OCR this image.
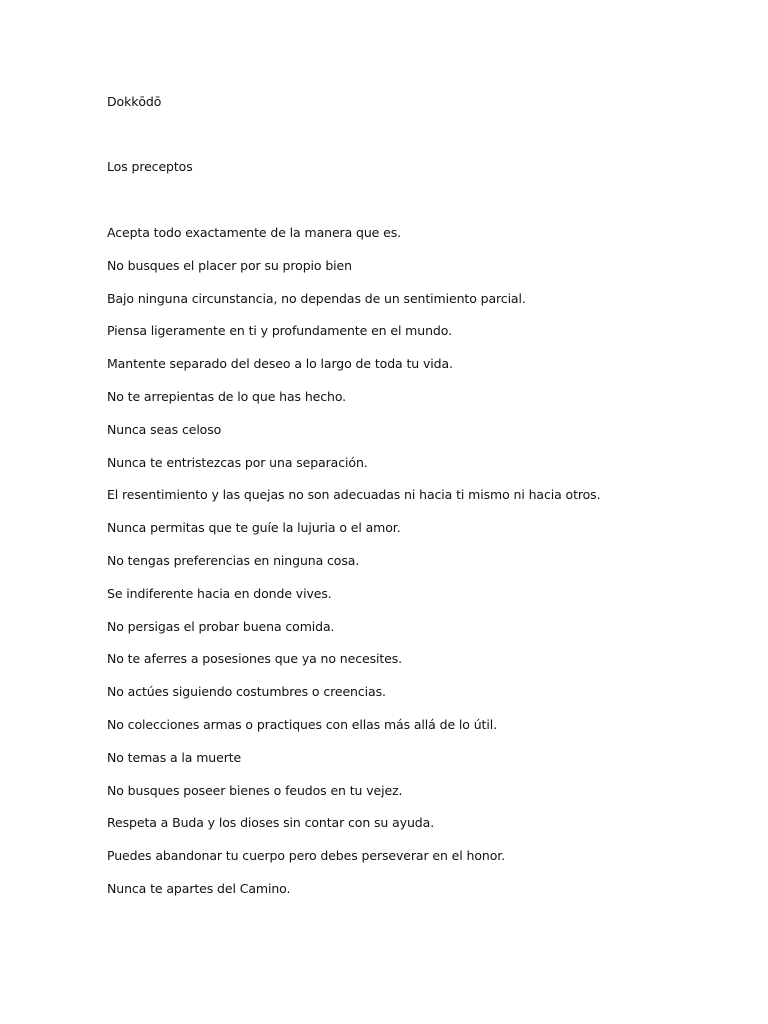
Dokkōdō
Los preceptos
Acepta todo exactamente de la manera que es.
No busques el placer por su propio bien
Bajo ninguna circunstancia, no dependas de un sentimiento parcial.
Piensa ligeramente en ti y profundamente en el mundo.
Mantente separado del deseo a lo largo de toda tu vida.
No te arrepientas de lo que has hecho.
Nunca seas celoso
Nunca te entristezcas por una separación.
El resentimiento y las quejas no son adecuadas ni hacia ti mismo ni hacia otros.
Nunca permitas que te guíe la lujuria o el amor.
No tengas preferencias en ninguna cosa.
Se indiferente hacia en donde vives.
No persigas el probar buena comida.
No te aferres a posesiones que ya no necesites.
No actúes siguiendo costumbres o creencias.
No colecciones armas o practiques con ellas más allá de lo útil.
No temas a la muerte
No busques poseer bienes o feudos en tu vejez.
Respeta a Buda y los dioses sin contar con su ayuda.
Puedes abandonar tu cuerpo pero debes perseverar en el honor.
Nunca te apartes del Camino.
